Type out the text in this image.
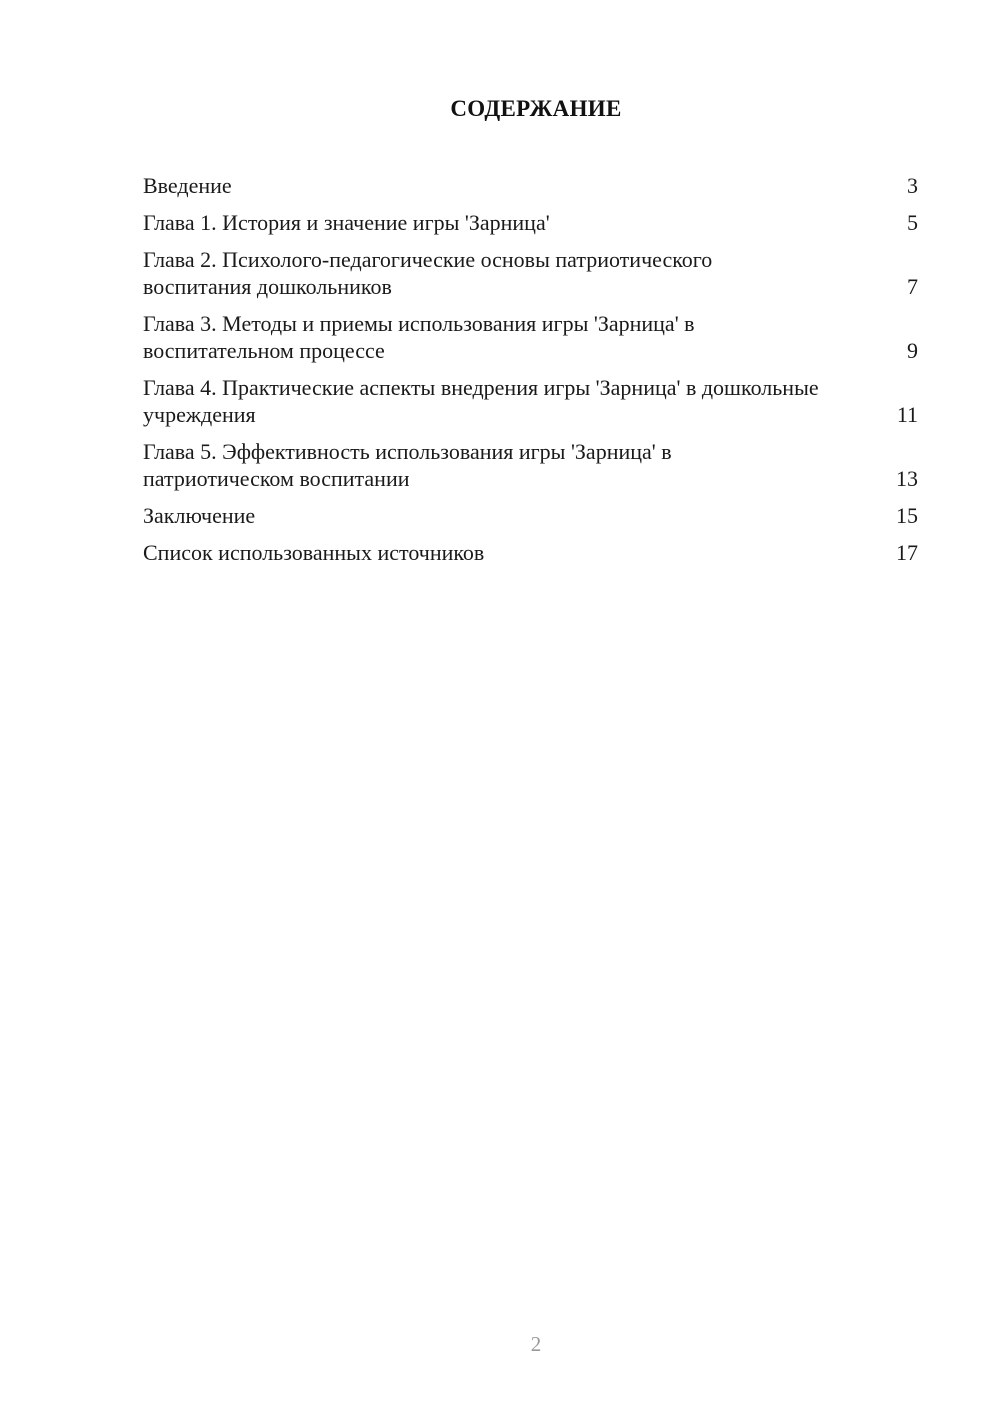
СОДЕРЖАНИЕ
Введение	3
Глава 1. История и значение игры 'Зарница'	5
Глава 2. Психолого-педагогические основы патриотического воспитания дошкольников	7
Глава 3. Методы и приемы использования игры 'Зарница' в воспитательном процессе	9
Глава 4. Практические аспекты внедрения игры 'Зарница' в дошкольные учреждения	11
Глава 5. Эффективность использования игры 'Зарница' в патриотическом воспитании	13
Заключение	15
Список использованных источников	17
2
